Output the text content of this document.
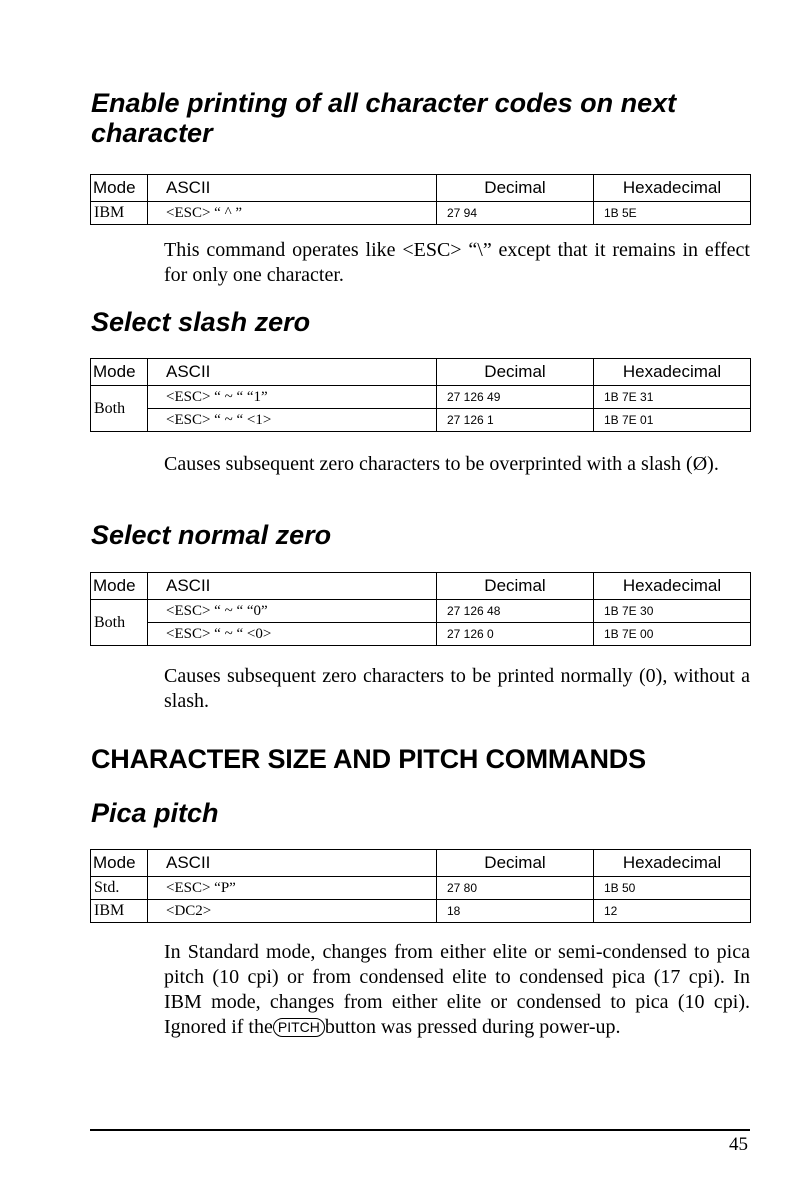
Enable printing of all character codes on next character
Mode	ASCII	Decimal	Hexadecimal
IBM	<ESC> “ ^ ”	27 94	1B 5E

This command operates like <ESC> “\” except that it remains in effect for only one character.

Select slash zero
Mode	ASCII	Decimal	Hexadecimal
Both	<ESC> “ ~ “ “1”	27 126 49	1B 7E 31
	<ESC> “ ~ “ <1>	27 126 1	1B 7E 01

Causes subsequent zero characters to be overprinted with a slash (Ø).

Select normal zero
Mode	ASCII	Decimal	Hexadecimal
Both	<ESC> “ ~ “ “0”	27 126 48	1B 7E 30
	<ESC> “ ~ “ <0>	27 126 0	1B 7E 00

Causes subsequent zero characters to be printed normally (0), without a slash.

CHARACTER SIZE AND PITCH COMMANDS
Pica pitch
Mode	ASCII	Decimal	Hexadecimal
Std.	<ESC> “P”	27 80	1B 50
IBM	<DC2>	18	12

In Standard mode, changes from either elite or semi-condensed to pica pitch (10 cpi) or from condensed elite to condensed pica (17 cpi). In IBM mode, changes from either elite or condensed to pica (10 cpi). Ignored if the PITCH button was pressed during power-up.

45
